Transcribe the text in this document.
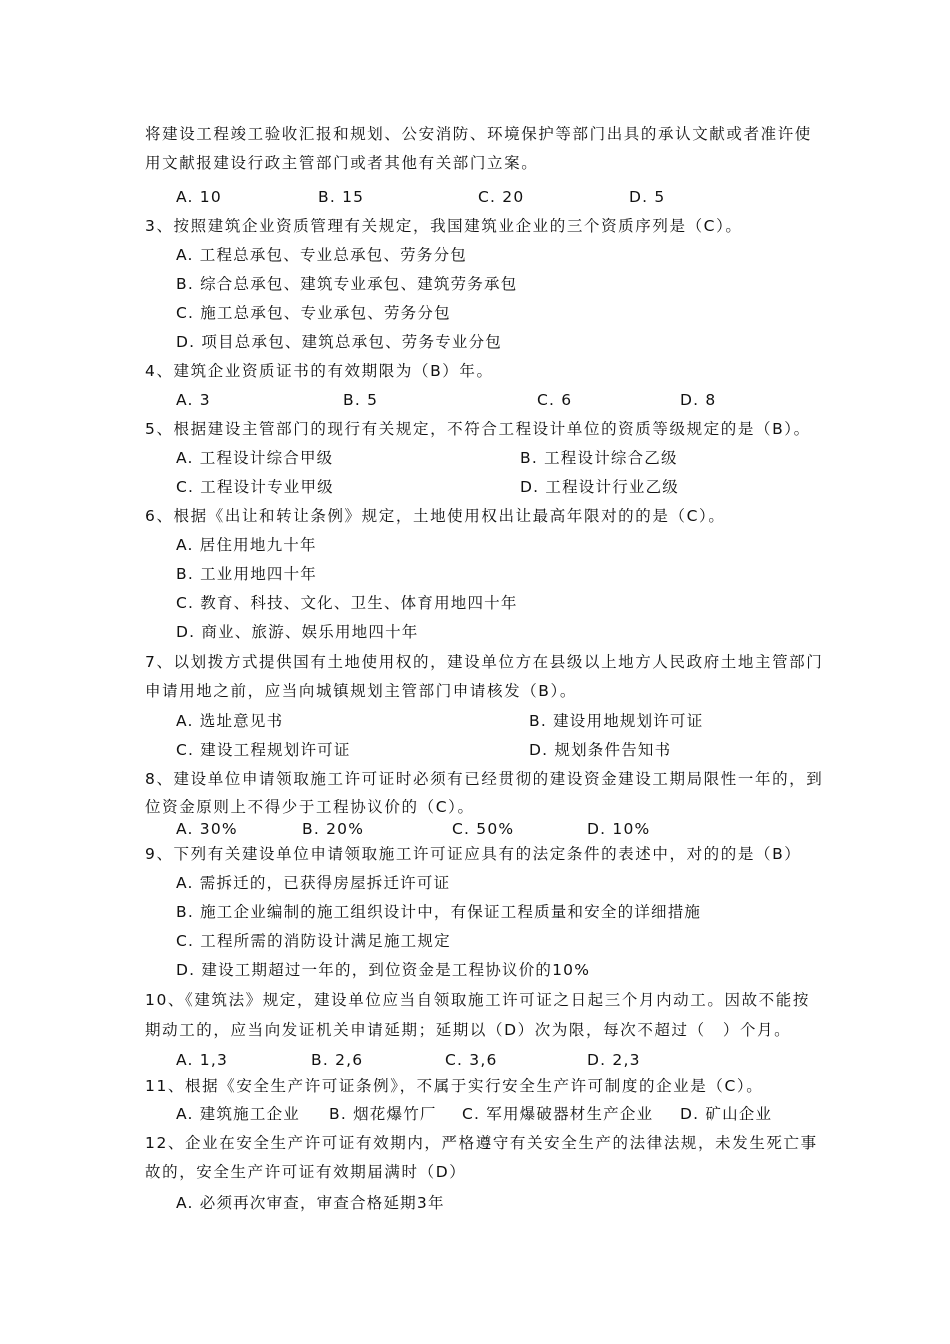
将建设工程竣工验收汇报和规划、公安消防、环境保护等部门出具的承认文献或者准许使
用文献报建设行政主管部门或者其他有关部门立案。
A. 10	B. 15	C. 20	D. 5
3、按照建筑企业资质管理有关规定，我国建筑业企业的三个资质序列是（C）。
A. 工程总承包、专业总承包、劳务分包
B. 综合总承包、建筑专业承包、建筑劳务承包
C. 施工总承包、专业承包、劳务分包
D. 项目总承包、建筑总承包、劳务专业分包
4、建筑企业资质证书的有效期限为（B）年。
A. 3	B. 5	C. 6	D. 8
5、根据建设主管部门的现行有关规定，不符合工程设计单位的资质等级规定的是（B）。
A. 工程设计综合甲级	B. 工程设计综合乙级
C. 工程设计专业甲级	D. 工程设计行业乙级
6、根据《出让和转让条例》规定，土地使用权出让最高年限对的的是（C）。
A. 居住用地九十年
B. 工业用地四十年
C. 教育、科技、文化、卫生、体育用地四十年
D. 商业、旅游、娱乐用地四十年
7、以划拨方式提供国有土地使用权的，建设单位方在县级以上地方人民政府土地主管部门
申请用地之前，应当向城镇规划主管部门申请核发（B）。
A. 选址意见书	B. 建设用地规划许可证
C. 建设工程规划许可证	D. 规划条件告知书
8、建设单位申请领取施工许可证时必须有已经贯彻的建设资金建设工期局限性一年的，到
位资金原则上不得少于工程协议价的（C）。
A. 30%	B. 20%	C. 50%	D. 10%
9、下列有关建设单位申请领取施工许可证应具有的法定条件的表述中，对的的是（B）
A. 需拆迁的，已获得房屋拆迁许可证
B. 施工企业编制的施工组织设计中，有保证工程质量和安全的详细措施
C. 工程所需的消防设计满足施工规定
D. 建设工期超过一年的，到位资金是工程协议价的10%
10、《建筑法》规定，建设单位应当自领取施工许可证之日起三个月内动工。因故不能按
期动工的，应当向发证机关申请延期；延期以（D）次为限，每次不超过（　）个月。
A. 1,3	B. 2,6	C. 3,6	D. 2,3
11、根据《安全生产许可证条例》，不属于实行安全生产许可制度的企业是（C）。
A. 建筑施工企业 B. 烟花爆竹厂 C. 军用爆破器材生产企业 D. 矿山企业
12、企业在安全生产许可证有效期内，严格遵守有关安全生产的法律法规，未发生死亡事
故的，安全生产许可证有效期届满时（D）
A. 必须再次审查，审查合格延期3年
